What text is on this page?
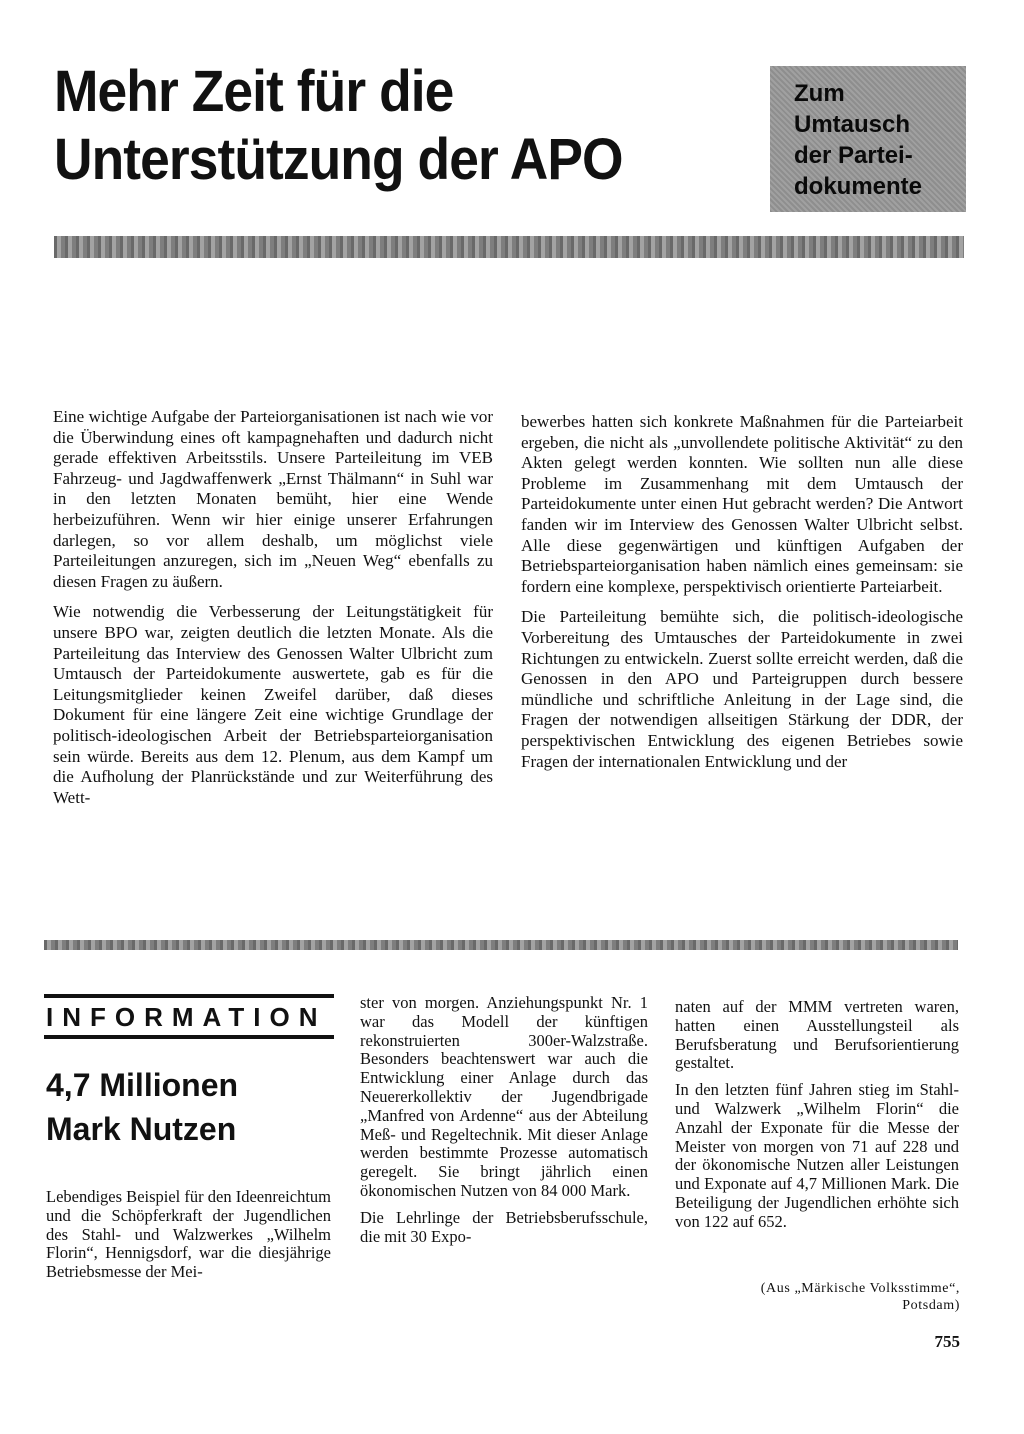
Mehr Zeit für die
Unterstützung der APO
Zum
Umtausch
der Partei-
dokumente

Eine wichtige Aufgabe der Parteiorganisationen ist nach wie vor die Überwindung eines oft kampagnehaften und dadurch nicht gerade effektiven Arbeitsstils. Unsere Parteileitung im VEB Fahrzeug- und Jagdwaffenwerk „Ernst Thälmann“ in Suhl war in den letzten Monaten bemüht, hier eine Wende herbeizuführen. Wenn wir hier einige unserer Erfahrungen darlegen, so vor allem deshalb, um möglichst viele Parteileitungen anzuregen, sich im „Neuen Weg“ ebenfalls zu diesen Fragen zu äußern.

Wie notwendig die Verbesserung der Leitungstätigkeit für unsere BPO war, zeigten deutlich die letzten Monate. Als die Parteileitung das Interview des Genossen Walter Ulbricht zum Umtausch der Parteidokumente auswertete, gab es für die Leitungsmitglieder keinen Zweifel darüber, daß dieses Dokument für eine längere Zeit eine wichtige Grundlage der politisch-ideologischen Arbeit der Betriebsparteiorganisation sein würde. Bereits aus dem 12. Plenum, aus dem Kampf um die Aufholung der Planrückstände und zur Weiterführung des Wett-

bewerbes hatten sich konkrete Maßnahmen für die Parteiarbeit ergeben, die nicht als „unvollendete politische Aktivität“ zu den Akten gelegt werden konnten. Wie sollten nun alle diese Probleme im Zusammenhang mit dem Umtausch der Parteidokumente unter einen Hut gebracht werden? Die Antwort fanden wir im Interview des Genossen Walter Ulbricht selbst. Alle diese gegenwärtigen und künftigen Aufgaben der Betriebsparteiorganisation haben nämlich eines gemeinsam: sie fordern eine komplexe, perspektivisch orientierte Parteiarbeit.

Die Parteileitung bemühte sich, die politisch-ideologische Vorbereitung des Umtausches der Parteidokumente in zwei Richtungen zu entwickeln. Zuerst sollte erreicht werden, daß die Genossen in den APO und Parteigruppen durch bessere mündliche und schriftliche Anleitung in der Lage sind, die Fragen der notwendigen allseitigen Stärkung der DDR, der perspektivischen Entwicklung des eigenen Betriebes sowie Fragen der internationalen Entwicklung und der

INFORMATION
4,7 Millionen
Mark Nutzen

Lebendiges Beispiel für den Ideenreichtum und die Schöpferkraft der Jugendlichen des Stahl- und Walzwerkes „Wilhelm Florin“, Hennigsdorf, war die diesjährige Betriebsmesse der Mei-

ster von morgen. Anziehungspunkt Nr. 1 war das Modell der künftigen rekonstruierten 300er-Walzstraße. Besonders beachtenswert war auch die Entwicklung einer Anlage durch das Neuererkollektiv der Jugendbrigade „Manfred von Ardenne“ aus der Abteilung Meß- und Regeltechnik. Mit dieser Anlage werden bestimmte Prozesse automatisch geregelt. Sie bringt jährlich einen ökonomischen Nutzen von 84 000 Mark.

Die Lehrlinge der Betriebsberufsschule, die mit 30 Expo-

naten auf der MMM vertreten waren, hatten einen Ausstellungsteil als Berufsberatung und Berufsorientierung gestaltet.

In den letzten fünf Jahren stieg im Stahl- und Walzwerk „Wilhelm Florin“ die Anzahl der Exponate für die Messe der Meister von morgen von 71 auf 228 und der ökonomische Nutzen aller Leistungen und Exponate auf 4,7 Millionen Mark. Die Beteiligung der Jugendlichen erhöhte sich von 122 auf 652.

(Aus „Märkische Volksstimme“,
Potsdam)
755
